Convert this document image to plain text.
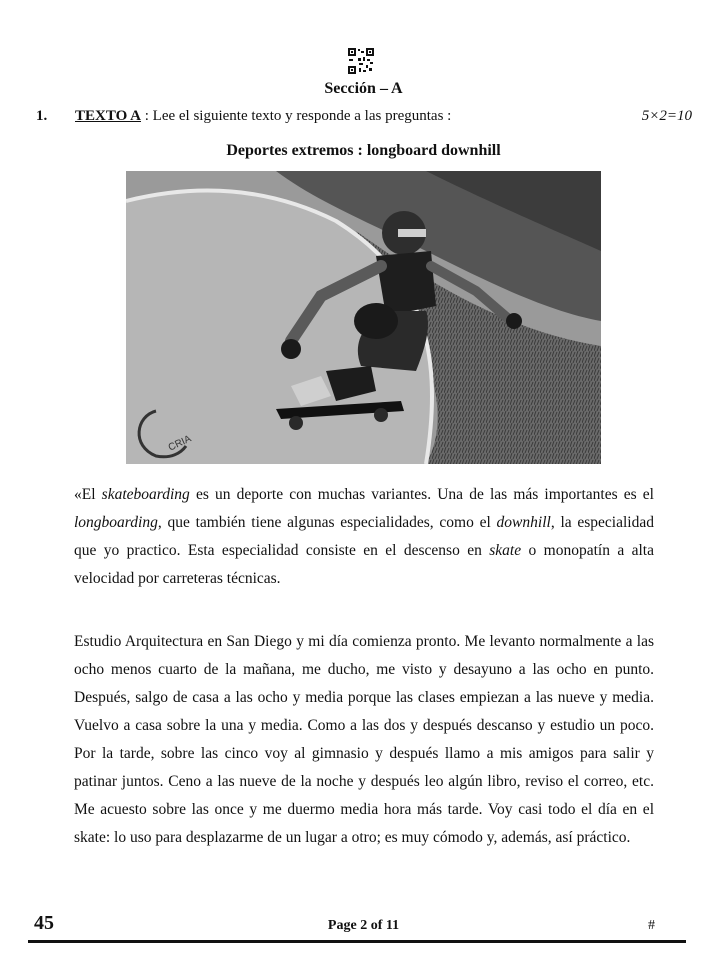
Sección – A
1. TEXTO A : Lee el siguiente texto y responde a las preguntas :	5×2=10
Deportes extremos : longboard downhill
CRIA

«El skateboarding es un deporte con muchas variantes. Una de las más importantes es el longboarding, que también tiene algunas especialidades, como el downhill, la especialidad que yo practico. Esta especialidad consiste en el descenso en skate o monopatín a alta velocidad por carreteras técnicas.

Estudio Arquitectura en San Diego y mi día comienza pronto. Me levanto normalmente a las ocho menos cuarto de la mañana, me ducho, me visto y desayuno a las ocho en punto. Después, salgo de casa a las ocho y media porque las clases empiezan a las nueve y media. Vuelvo a casa sobre la una y media. Como a las dos y después descanso y estudio un poco. Por la tarde, sobre las cinco voy al gimnasio y después llamo a mis amigos para salir y patinar juntos. Ceno a las nueve de la noche y después leo algún libro, reviso el correo, etc. Me acuesto sobre las once y me duermo media hora más tarde. Voy casi todo el día en el skate: lo uso para desplazarme de un lugar a otro; es muy cómodo y, además, así práctico.

45	Page 2 of 11	#
